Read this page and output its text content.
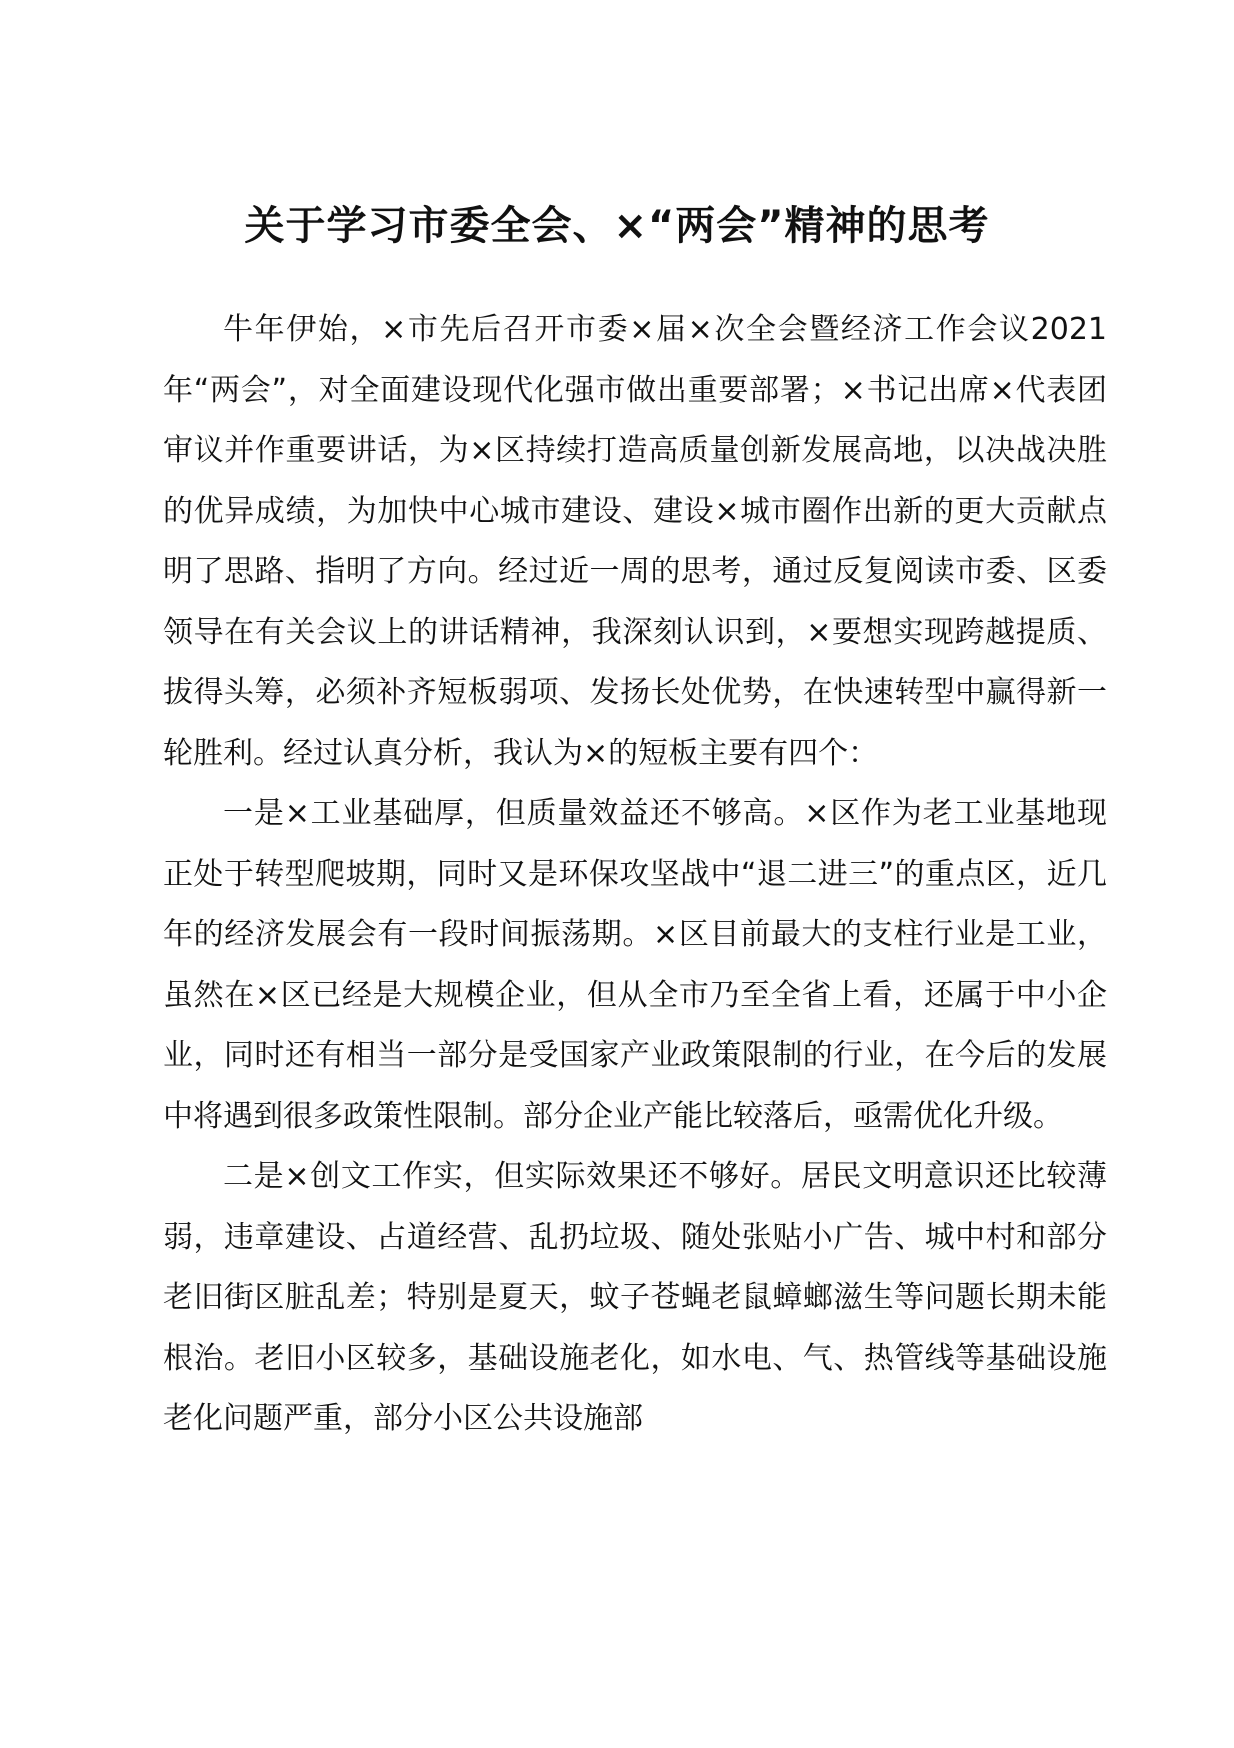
关于学习市委全会、×“两会”精神的思考

牛年伊始，×市先后召开市委×届×次全会暨经济工作会议2021年“两会”，对全面建设现代化强市做出重要部署；×书记出席×代表团审议并作重要讲话，为×区持续打造高质量创新发展高地，以决战决胜的优异成绩，为加快中心城市建设、建设×城市圈作出新的更大贡献点明了思路、指明了方向。经过近一周的思考，通过反复阅读市委、区委领导在有关会议上的讲话精神，我深刻认识到，×要想实现跨越提质、拔得头筹，必须补齐短板弱项、发扬长处优势，在快速转型中赢得新一轮胜利。经过认真分析，我认为×的短板主要有四个：

一是×工业基础厚，但质量效益还不够高。×区作为老工业基地现正处于转型爬坡期，同时又是环保攻坚战中“退二进三”的重点区，近几年的经济发展会有一段时间振荡期。×区目前最大的支柱行业是工业，虽然在×区已经是大规模企业，但从全市乃至全省上看，还属于中小企业，同时还有相当一部分是受国家产业政策限制的行业，在今后的发展中将遇到很多政策性限制。部分企业产能比较落后，亟需优化升级。

二是×创文工作实，但实际效果还不够好。居民文明意识还比较薄弱，违章建设、占道经营、乱扔垃圾、随处张贴小广告、城中村和部分老旧街区脏乱差；特别是夏天，蚊子苍蝇老鼠蟑螂滋生等问题长期未能根治。老旧小区较多，基础设施老化，如水电、气、热管线等基础设施老化问题严重，部分小区公共设施部
